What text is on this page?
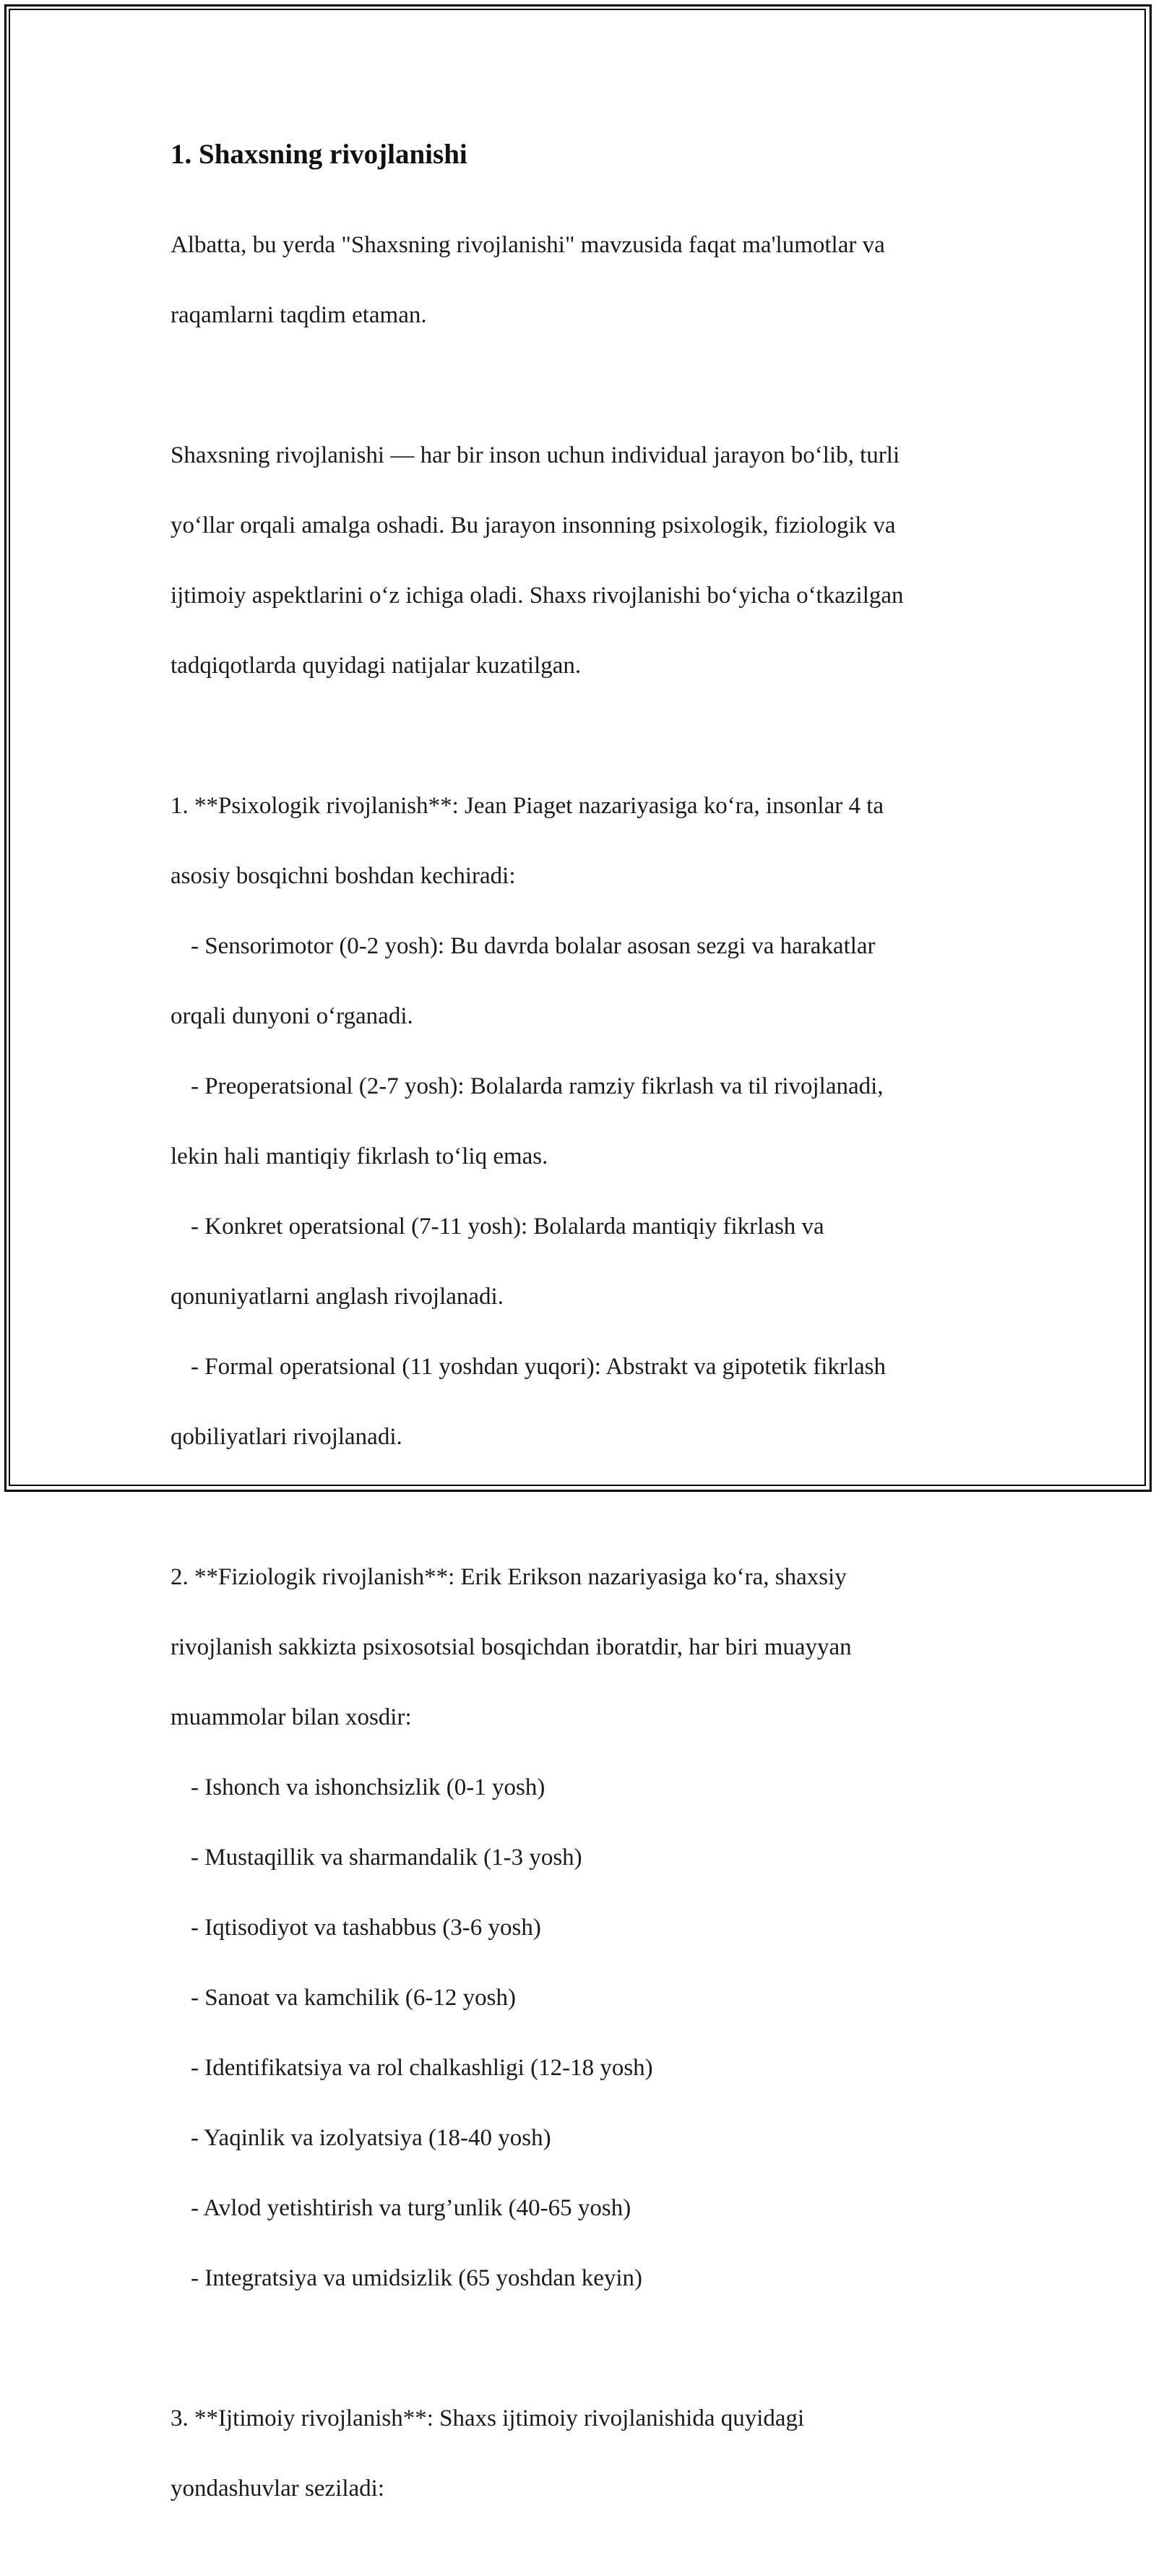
1. Shaxsning rivojlanishi

Albatta, bu yerda "Shaxsning rivojlanishi" mavzusida faqat ma'lumotlar va

raqamlarni taqdim etaman.

Shaxsning rivojlanishi — har bir inson uchun individual jarayon bo‘lib, turli

yo‘llar orqali amalga oshadi. Bu jarayon insonning psixologik, fiziologik va

ijtimoiy aspektlarini o‘z ichiga oladi. Shaxs rivojlanishi bo‘yicha o‘tkazilgan

tadqiqotlarda quyidagi natijalar kuzatilgan.

1. **Psixologik rivojlanish**: Jean Piaget nazariyasiga ko‘ra, insonlar 4 ta

asosiy bosqichni boshdan kechiradi:

- Sensorimotor (0-2 yosh): Bu davrda bolalar asosan sezgi va harakatlar

orqali dunyoni o‘rganadi.

- Preoperatsional (2-7 yosh): Bolalarda ramziy fikrlash va til rivojlanadi,

lekin hali mantiqiy fikrlash to‘liq emas.

- Konkret operatsional (7-11 yosh): Bolalarda mantiqiy fikrlash va

qonuniyatlarni anglash rivojlanadi.

- Formal operatsional (11 yoshdan yuqori): Abstrakt va gipotetik fikrlash

qobiliyatlari rivojlanadi.

2. **Fiziologik rivojlanish**: Erik Erikson nazariyasiga ko‘ra, shaxsiy

rivojlanish sakkizta psixosotsial bosqichdan iboratdir, har biri muayyan

muammolar bilan xosdir:

- Ishonch va ishonchsizlik (0-1 yosh)

- Mustaqillik va sharmandalik (1-3 yosh)

- Iqtisodiyot va tashabbus (3-6 yosh)

- Sanoat va kamchilik (6-12 yosh)

- Identifikatsiya va rol chalkashligi (12-18 yosh)

- Yaqinlik va izolyatsiya (18-40 yosh)

- Avlod yetishtirish va turg’unlik (40-65 yosh)

- Integratsiya va umidsizlik (65 yoshdan keyin)

3. **Ijtimoiy rivojlanish**: Shaxs ijtimoiy rivojlanishida quyidagi

yondashuvlar seziladi:
